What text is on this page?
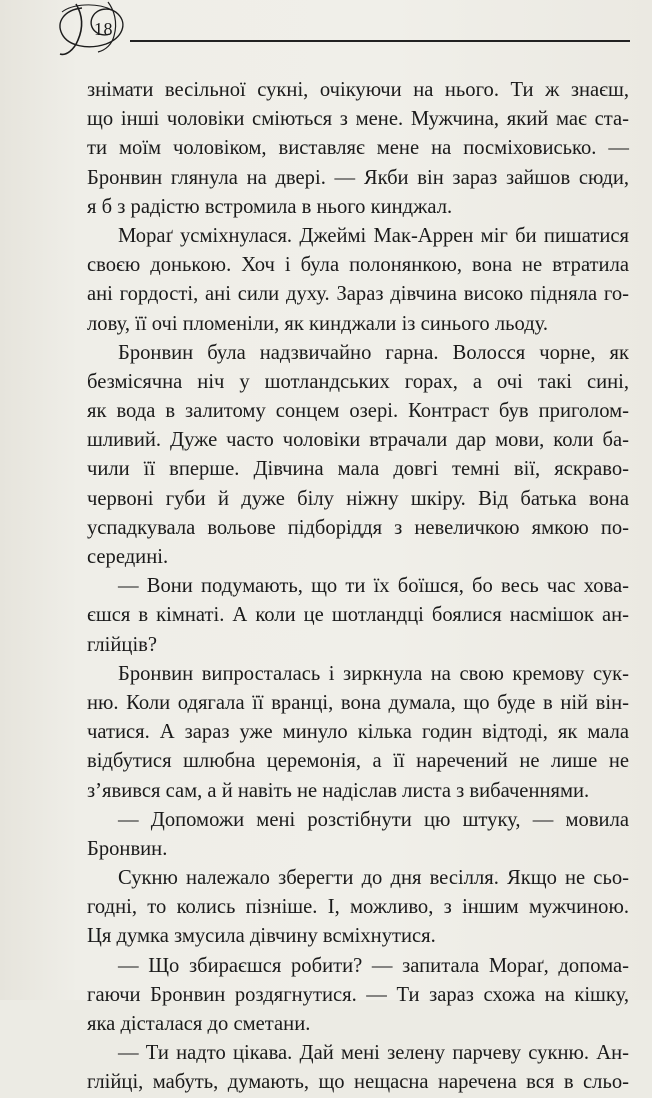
18
знімати весільної сукні, очікуючи на нього. Ти ж знаєш,
що інші чоловіки сміються з мене. Мужчина, який має ста-
ти моїм чоловіком, виставляє мене на посміховисько. —
Бронвин глянула на двері. — Якби він зараз зайшов сюди,
я б з радістю встромила в нього кинджал.
Мораґ усміхнулася. Джеймі Мак-Аррен міг би пишатися
своєю донькою. Хоч і була полонянкою, вона не втратила
ані гордості, ані сили духу. Зараз дівчина високо підняла го-
лову, її очі пломеніли, як кинджали із синього льоду.
Бронвин була надзвичайно гарна. Волосся чорне, як
безмісячна ніч у шотландських горах, а очі такі сині,
як вода в залитому сонцем озері. Контраст був приголом-
шливий. Дуже часто чоловіки втрачали дар мови, коли ба-
чили її вперше. Дівчина мала довгі темні вії, яскраво-
червоні губи й дуже білу ніжну шкіру. Від батька вона
успадкувала вольове підборіддя з невеличкою ямкою по-
середині.
— Вони подумають, що ти їх боїшся, бо весь час хова-
єшся в кімнаті. А коли це шотландці боялися насмішок ан-
глійців?
Бронвин випросталась і зиркнула на свою кремову сук-
ню. Коли одягала її вранці, вона думала, що буде в ній він-
чатися. А зараз уже минуло кілька годин відтоді, як мала
відбутися шлюбна церемонія, а її наречений не лише не
з’явився сам, а й навіть не надіслав листа з вибаченнями.
— Допоможи мені розстібнути цю штуку, — мовила
Бронвин.
Сукню належало зберегти до дня весілля. Якщо не сьо-
годні, то колись пізніше. І, можливо, з іншим мужчиною.
Ця думка змусила дівчину всміхнутися.
— Що збираєшся робити? — запитала Мораґ, допома-
гаючи Бронвин роздягнутися. — Ти зараз схожа на кішку,
яка дісталася до сметани.
— Ти надто цікава. Дай мені зелену парчеву сукню. Ан-
глійці, мабуть, думають, що нещасна наречена вся в сльо-
